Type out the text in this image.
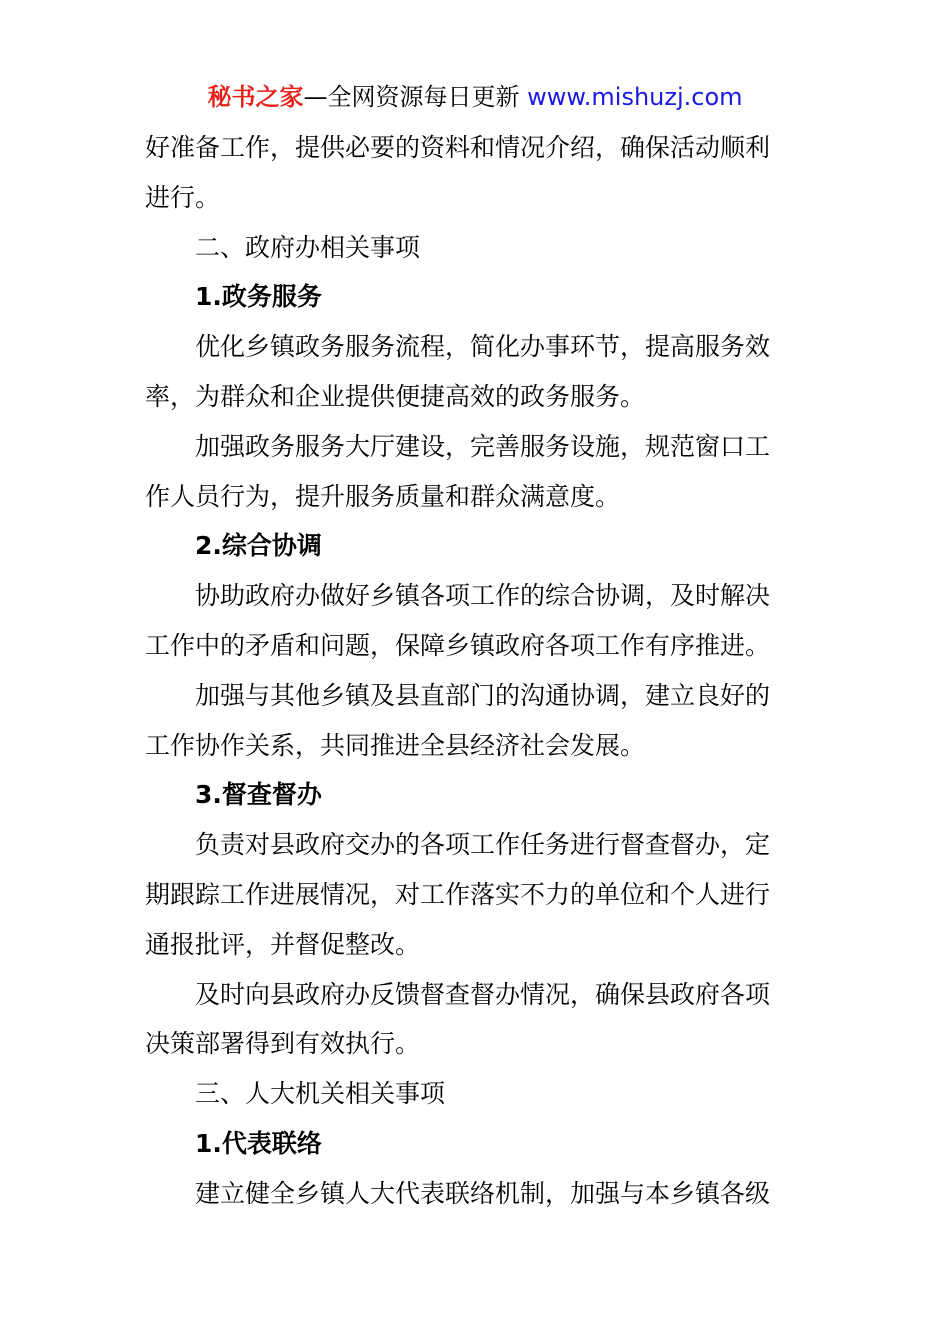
秘书之家—全网资源每日更新 www.mishuzj.com
好准备工作，提供必要的资料和情况介绍，确保活动顺利
进行。
二、政府办相关事项
1.政务服务
优化乡镇政务服务流程，简化办事环节，提高服务效
率，为群众和企业提供便捷高效的政务服务。
加强政务服务大厅建设，完善服务设施，规范窗口工
作人员行为，提升服务质量和群众满意度。
2.综合协调
协助政府办做好乡镇各项工作的综合协调，及时解决
工作中的矛盾和问题，保障乡镇政府各项工作有序推进。
加强与其他乡镇及县直部门的沟通协调，建立良好的
工作协作关系，共同推进全县经济社会发展。
3.督查督办
负责对县政府交办的各项工作任务进行督查督办，定
期跟踪工作进展情况，对工作落实不力的单位和个人进行
通报批评，并督促整改。
及时向县政府办反馈督查督办情况，确保县政府各项
决策部署得到有效执行。
三、人大机关相关事项
1.代表联络
建立健全乡镇人大代表联络机制，加强与本乡镇各级
